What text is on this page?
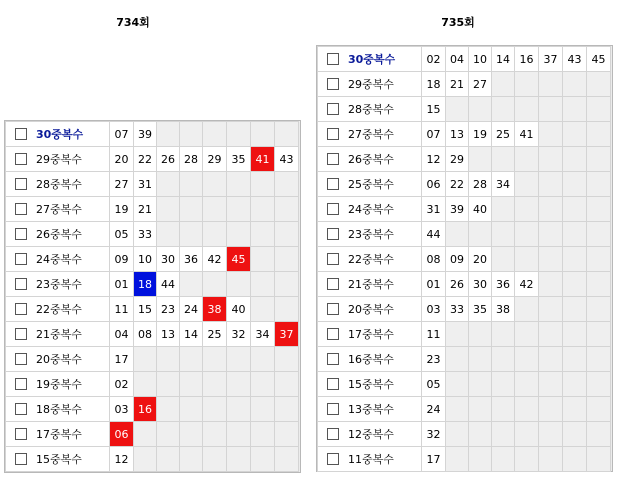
734회	735회
30중복수	07	39						
29중복수	20	22	26	28	29	35	41	43
28중복수	27	31						
27중복수	19	21						
26중복수	05	33						
24중복수	09	10	30	36	42	45		
23중복수	01	18	44					
22중복수	11	15	23	24	38	40		
21중복수	04	08	13	14	25	32	34	37
20중복수	17							
19중복수	02							
18중복수	03	16						
17중복수	06							
15중복수	12							
30중복수	02	04	10	14	16	37	43	45
29중복수	18	21	27					
28중복수	15							
27중복수	07	13	19	25	41			
26중복수	12	29						
25중복수	06	22	28	34				
24중복수	31	39	40					
23중복수	44							
22중복수	08	09	20					
21중복수	01	26	30	36	42			
20중복수	03	33	35	38				
17중복수	11							
16중복수	23							
15중복수	05							
13중복수	24							
12중복수	32							
11중복수	17							
